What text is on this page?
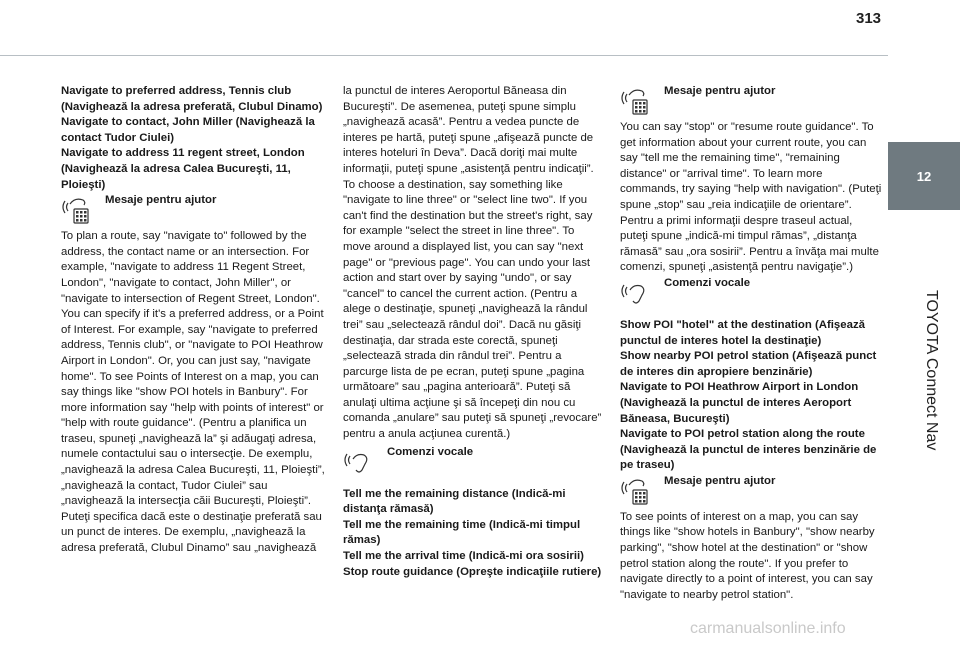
313
12
TOYOTA Connect Nav

Navigate to preferred address, Tennis club (Navighează la adresa preferată, Clubul Dinamo)
Navigate to contact, John Miller (Navighează la contact Tudor Ciulei)
Navigate to address 11 regent street, London (Navighează la adresa Calea Bucureşti, 11, Ploieşti)

Mesaje pentru ajutor

To plan a route, say "navigate to" followed by the address, the contact name or an intersection. For example, "navigate to address 11 Regent Street, London", "navigate to contact, John Miller", or "navigate to intersection of Regent Street, London". You can specify if it's a preferred address, or a Point of Interest. For example, say "navigate to preferred address, Tennis club", or "navigate to POI Heathrow Airport in London". Or, you can just say, "navigate home". To see Points of Interest on a map, you can say things like "show POI hotels in Banbury". For more information say "help with points of interest" or "help with route guidance". (Pentru a planifica un traseu, spuneţi „navighează la” şi adăugaţi adresa, numele contactului sau o intersecţie. De exemplu, „navighează la adresa Calea Bucureşti, 11, Ploieşti”, „navighează la contact, Tudor Ciulei” sau „navighează la intersecţia căii Bucureşti, Ploieşti”. Puteţi specifica dacă este o destinaţie preferată sau un punct de interes. De exemplu, „navighează la adresa preferată, Clubul Dinamo” sau „navighează

la punctul de interes Aeroportul Băneasa din Bucureşti”. De asemenea, puteţi spune simplu „navighează acasă”. Pentru a vedea puncte de interes pe hartă, puteţi spune „afişează puncte de interes hoteluri în Deva”. Dacă doriţi mai multe informaţii, puteţi spune „asistenţă pentru indicaţii”.
To choose a destination, say something like "navigate to line three" or "select line two". If you can't find the destination but the street's right, say for example "select the street in line three". To move around a displayed list, you can say "next page" or "previous page". You can undo your last action and start over by saying "undo", or say "cancel" to cancel the current action. (Pentru a alege o destinaţie, spuneţi „navighează la rândul trei” sau „selectează rândul doi”. Dacă nu găsiţi destinaţia, dar strada este corectă, spuneţi „selectează strada din rândul trei”. Pentru a parcurge lista de pe ecran, puteţi spune „pagina următoare” sau „pagina anterioară”. Puteţi să anulaţi ultima acţiune şi să începeţi din nou cu comanda „anulare” sau puteţi să spuneţi „revocare” pentru a anula acţiunea curentă.)

Comenzi vocale

Tell me the remaining distance (Indică-mi distanţa rămasă)
Tell me the remaining time (Indică-mi timpul rămas)
Tell me the arrival time (Indică-mi ora sosirii)
Stop route guidance (Opreşte indicaţiile rutiere)

Mesaje pentru ajutor

You can say "stop" or "resume route guidance". To get information about your current route, you can say "tell me the remaining time", "remaining distance" or "arrival time". To learn more commands, try saying "help with navigation". (Puteţi spune „stop” sau „reia indicaţiile de orientare”. Pentru a primi informaţii despre traseul actual, puteţi spune „indică-mi timpul rămas”, „distanţa rămasă” sau „ora sosirii”. Pentru a învăţa mai multe comenzi, spuneţi „asistenţă pentru navigaţie”.)

Comenzi vocale

Show POI "hotel" at the destination (Afişează punctul de interes hotel la destinaţie)
Show nearby POI petrol station (Afişează punct de interes din apropiere benzinărie)
Navigate to POI Heathrow Airport in London (Navighează la punctul de interes Aeroport Băneasa, Bucureşti)
Navigate to POI petrol station along the route (Navighează la punctul de interes benzinărie de pe traseu)

Mesaje pentru ajutor

To see points of interest on a map, you can say things like "show hotels in Banbury", "show nearby parking", "show hotel at the destination" or "show petrol station along the route". If you prefer to navigate directly to a point of interest, you can say "navigate to nearby petrol station".

carmanualsonline.info
